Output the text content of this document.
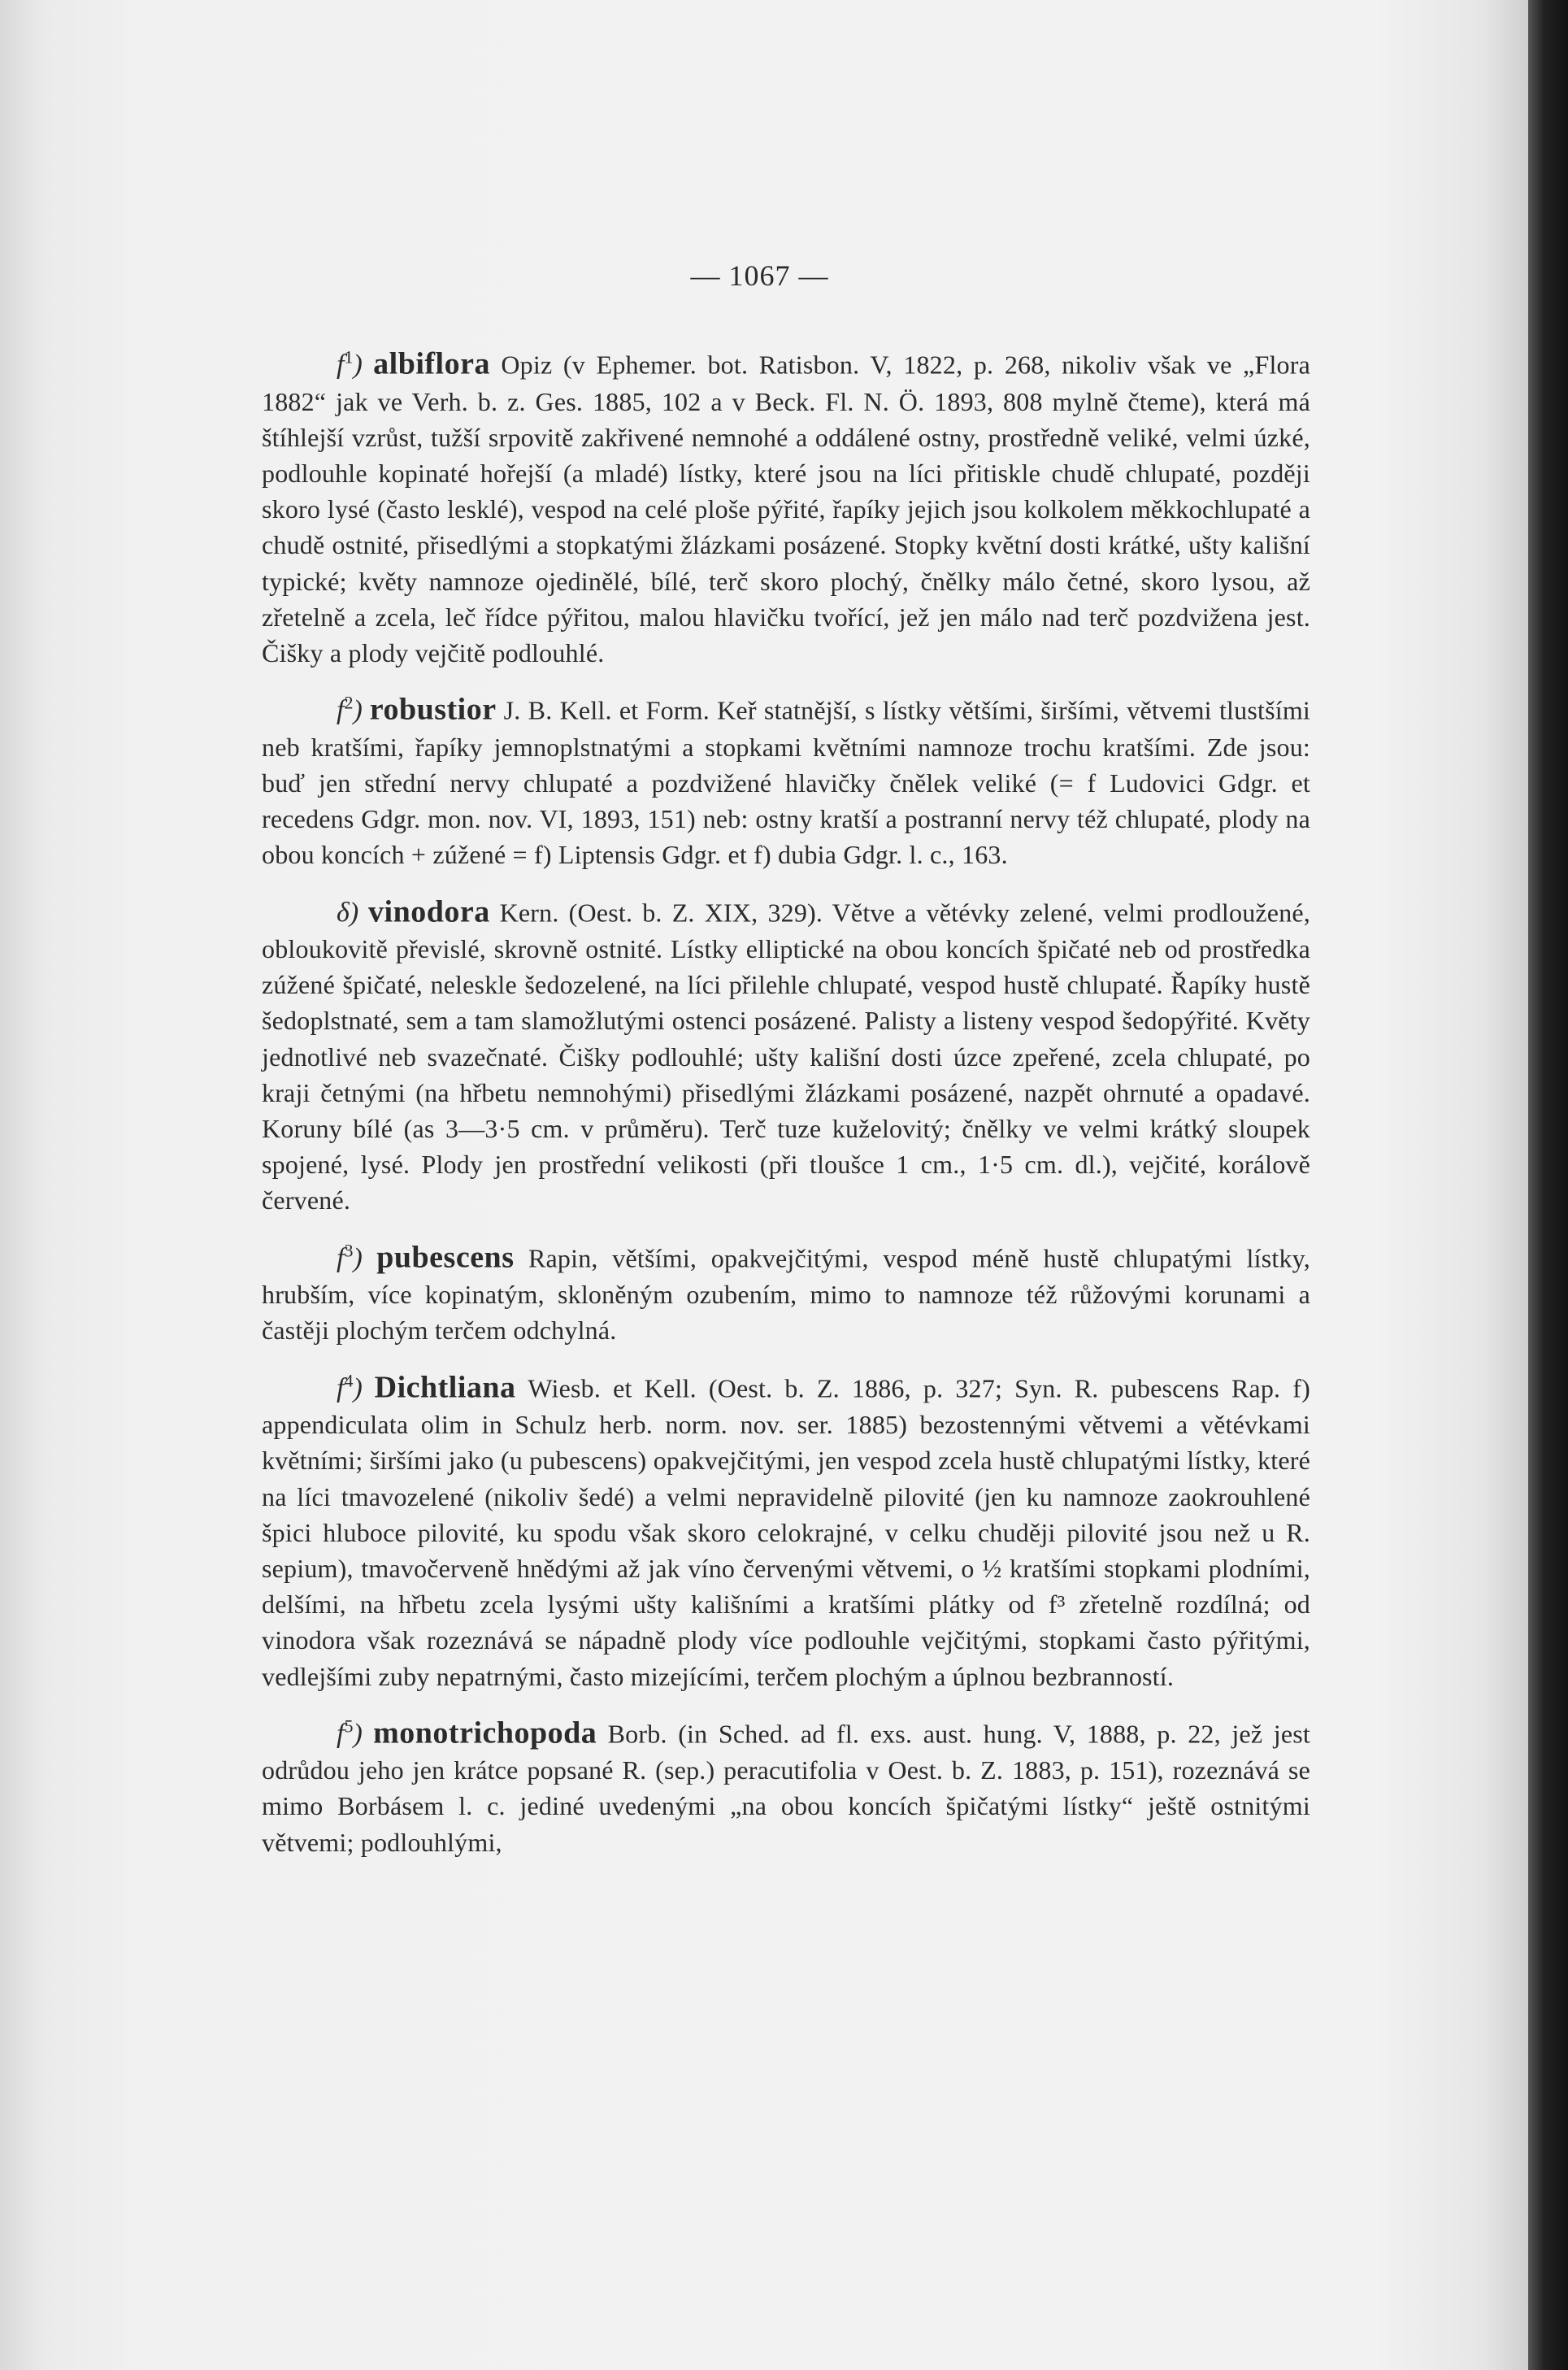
— 1067 —

$f^1$) albiflora Opiz (v Ephemer. bot. Ratisbon. V, 1822, p. 268, nikoliv však ve „Flora 1882“ jak ve Verh. b. z. Ges. 1885, 102 a v Beck. Fl. N. Ö. 1893, 808 mylně čteme), která má štíhlejší vzrůst, tužší srpovitě zakřivené nemnohé a oddálené ostny, prostředně veliké, velmi úzké, podlouhle kopinaté hořejší (a mladé) lístky, které jsou na líci přitiskle chudě chlupaté, později skoro lysé (často lesklé), vespod na celé ploše pýřité, řapíky jejich jsou kolkolem měkkochlupaté a chudě ostnité, přisedlými a stopkatými žlázkami posázené. Stopky květní dosti krátké, ušty kališní typické; květy namnoze ojedinělé, bílé, terč skoro plochý, čnělky málo četné, skoro lysou, až zřetelně a zcela, leč řídce pýřitou, malou hlavičku tvořící, jež jen málo nad terč pozdvižena jest. Čišky a plody vejčitě podlouhlé.

$f^2$) robustior J. B. Kell. et Form. Keř statnější, s lístky většími, širšími, větvemi tlustšími neb kratšími, řapíky jemnoplstnatými a stopkami květními namnoze trochu kratšími. Zde jsou: buď jen střední nervy chlupaté a pozdvižené hlavičky čnělek veliké (= f Ludovici Gdgr. et recedens Gdgr. mon. nov. VI, 1893, 151) neb: ostny kratší a postranní nervy též chlupaté, plody na obou koncích + zúžené = f) Liptensis Gdgr. et f) dubia Gdgr. l. c., 163.

δ) vinodora Kern. (Oest. b. Z. XIX, 329). Větve a větévky zelené, velmi prodloužené, obloukovitě převislé, skrovně ostnité. Lístky elliptické na obou koncích špičaté neb od prostředka zúžené špičaté, neleskle šedozelené, na líci přilehle chlupaté, vespod hustě chlupaté. Řapíky hustě šedoplstnaté, sem a tam slamožlutými ostenci posázené. Palisty a listeny vespod šedopýřité. Květy jednotlivé neb svazečnaté. Čišky podlouhlé; ušty kališní dosti úzce zpeřené, zcela chlupaté, po kraji četnými (na hřbetu nemnohými) přisedlými žlázkami posázené, nazpět ohrnuté a opadavé. Koruny bílé (as 3—3·5 cm. v průměru). Terč tuze kuželovitý; čnělky ve velmi krátký sloupek spojené, lysé. Plody jen prostřední velikosti (při tloušce 1 cm., 1·5 cm. dl.), vejčité, korálově červené.

$f^3$) pubescens Rapin, většími, opakvejčitými, vespod méně hustě chlupatými lístky, hrubším, více kopinatým, skloněným ozubením, mimo to namnoze též růžovými korunami a častěji plochým terčem odchylná.

$f^4$) Dichtliana Wiesb. et Kell. (Oest. b. Z. 1886, p. 327; Syn. R. pubescens Rap. f) appendiculata olim in Schulz herb. norm. nov. ser. 1885) bezostennými větvemi a větévkami květními; širšími jako (u pubescens) opakvejčitými, jen vespod zcela hustě chlupatými lístky, které na líci tmavozelené (nikoliv šedé) a velmi nepravidelně pilovité (jen ku namnoze zaokrouhlené špici hluboce pilovité, ku spodu však skoro celokrajné, v celku chuději pilovité jsou než u R. sepium), tmavočerveně hnědými až jak víno červenými větvemi, o ½ kratšími stopkami plodními, delšími, na hřbetu zcela lysými ušty kališními a kratšími plátky od f³ zřetelně rozdílná; od vinodora však rozeznává se nápadně plody více podlouhle vejčitými, stopkami často pýřitými, vedlejšími zuby nepatrnými, často mizejícími, terčem plochým a úplnou bezbranností.

$f^5$) monotrichopoda Borb. (in Sched. ad fl. exs. aust. hung. V, 1888, p. 22, jež jest odrůdou jeho jen krátce popsané R. (sep.) peracutifolia v Oest. b. Z. 1883, p. 151), rozeznává se mimo Borbásem l. c. jediné uvedenými „na obou koncích špičatými lístky“ ještě ostnitými větvemi; podlouhlými,
